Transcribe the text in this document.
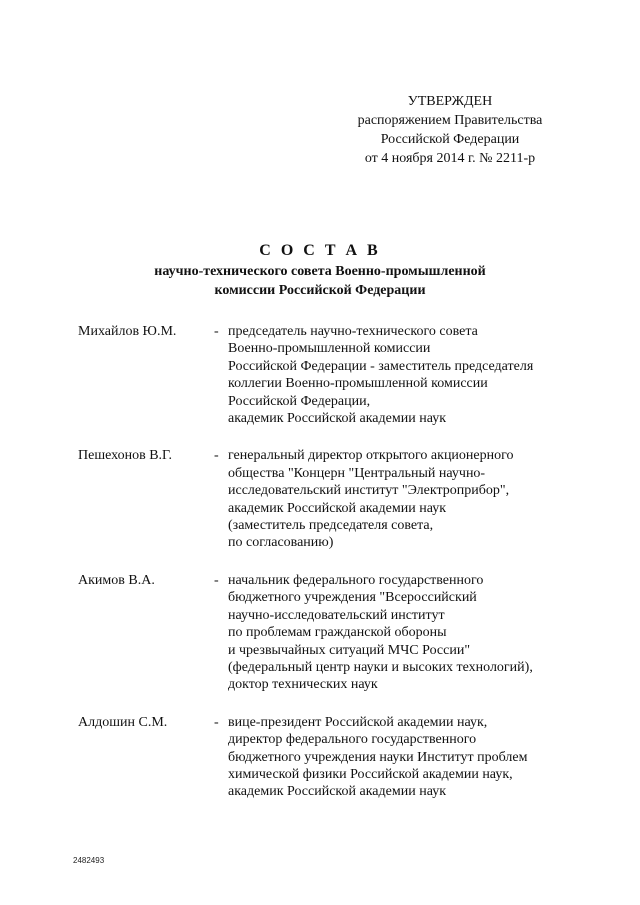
УТВЕРЖДЕН
распоряжением Правительства
Российской Федерации
от 4 ноября 2014 г. № 2211-р
С О С Т А В
научно-технического совета Военно-промышленной
комиссии Российской Федерации
Михайлов Ю.М.	- председатель научно-технического совета
Военно-промышленной комиссии
Российской Федерации - заместитель председателя
коллегии Военно-промышленной комиссии
Российской Федерации,
академик Российской академии наук
Пешехонов В.Г.	- генеральный директор открытого акционерного
общества "Концерн "Центральный научно-
исследовательский институт "Электроприбор",
академик Российской академии наук
(заместитель председателя совета,
по согласованию)
Акимов В.А.	- начальник федерального государственного
бюджетного учреждения "Всероссийский
научно-исследовательский институт
по проблемам гражданской обороны
и чрезвычайных ситуаций МЧС России"
(федеральный центр науки и высоких технологий),
доктор технических наук
Алдошин С.М.	- вице-президент Российской академии наук,
директор федерального государственного
бюджетного учреждения науки Институт проблем
химической физики Российской академии наук,
академик Российской академии наук
2482493
